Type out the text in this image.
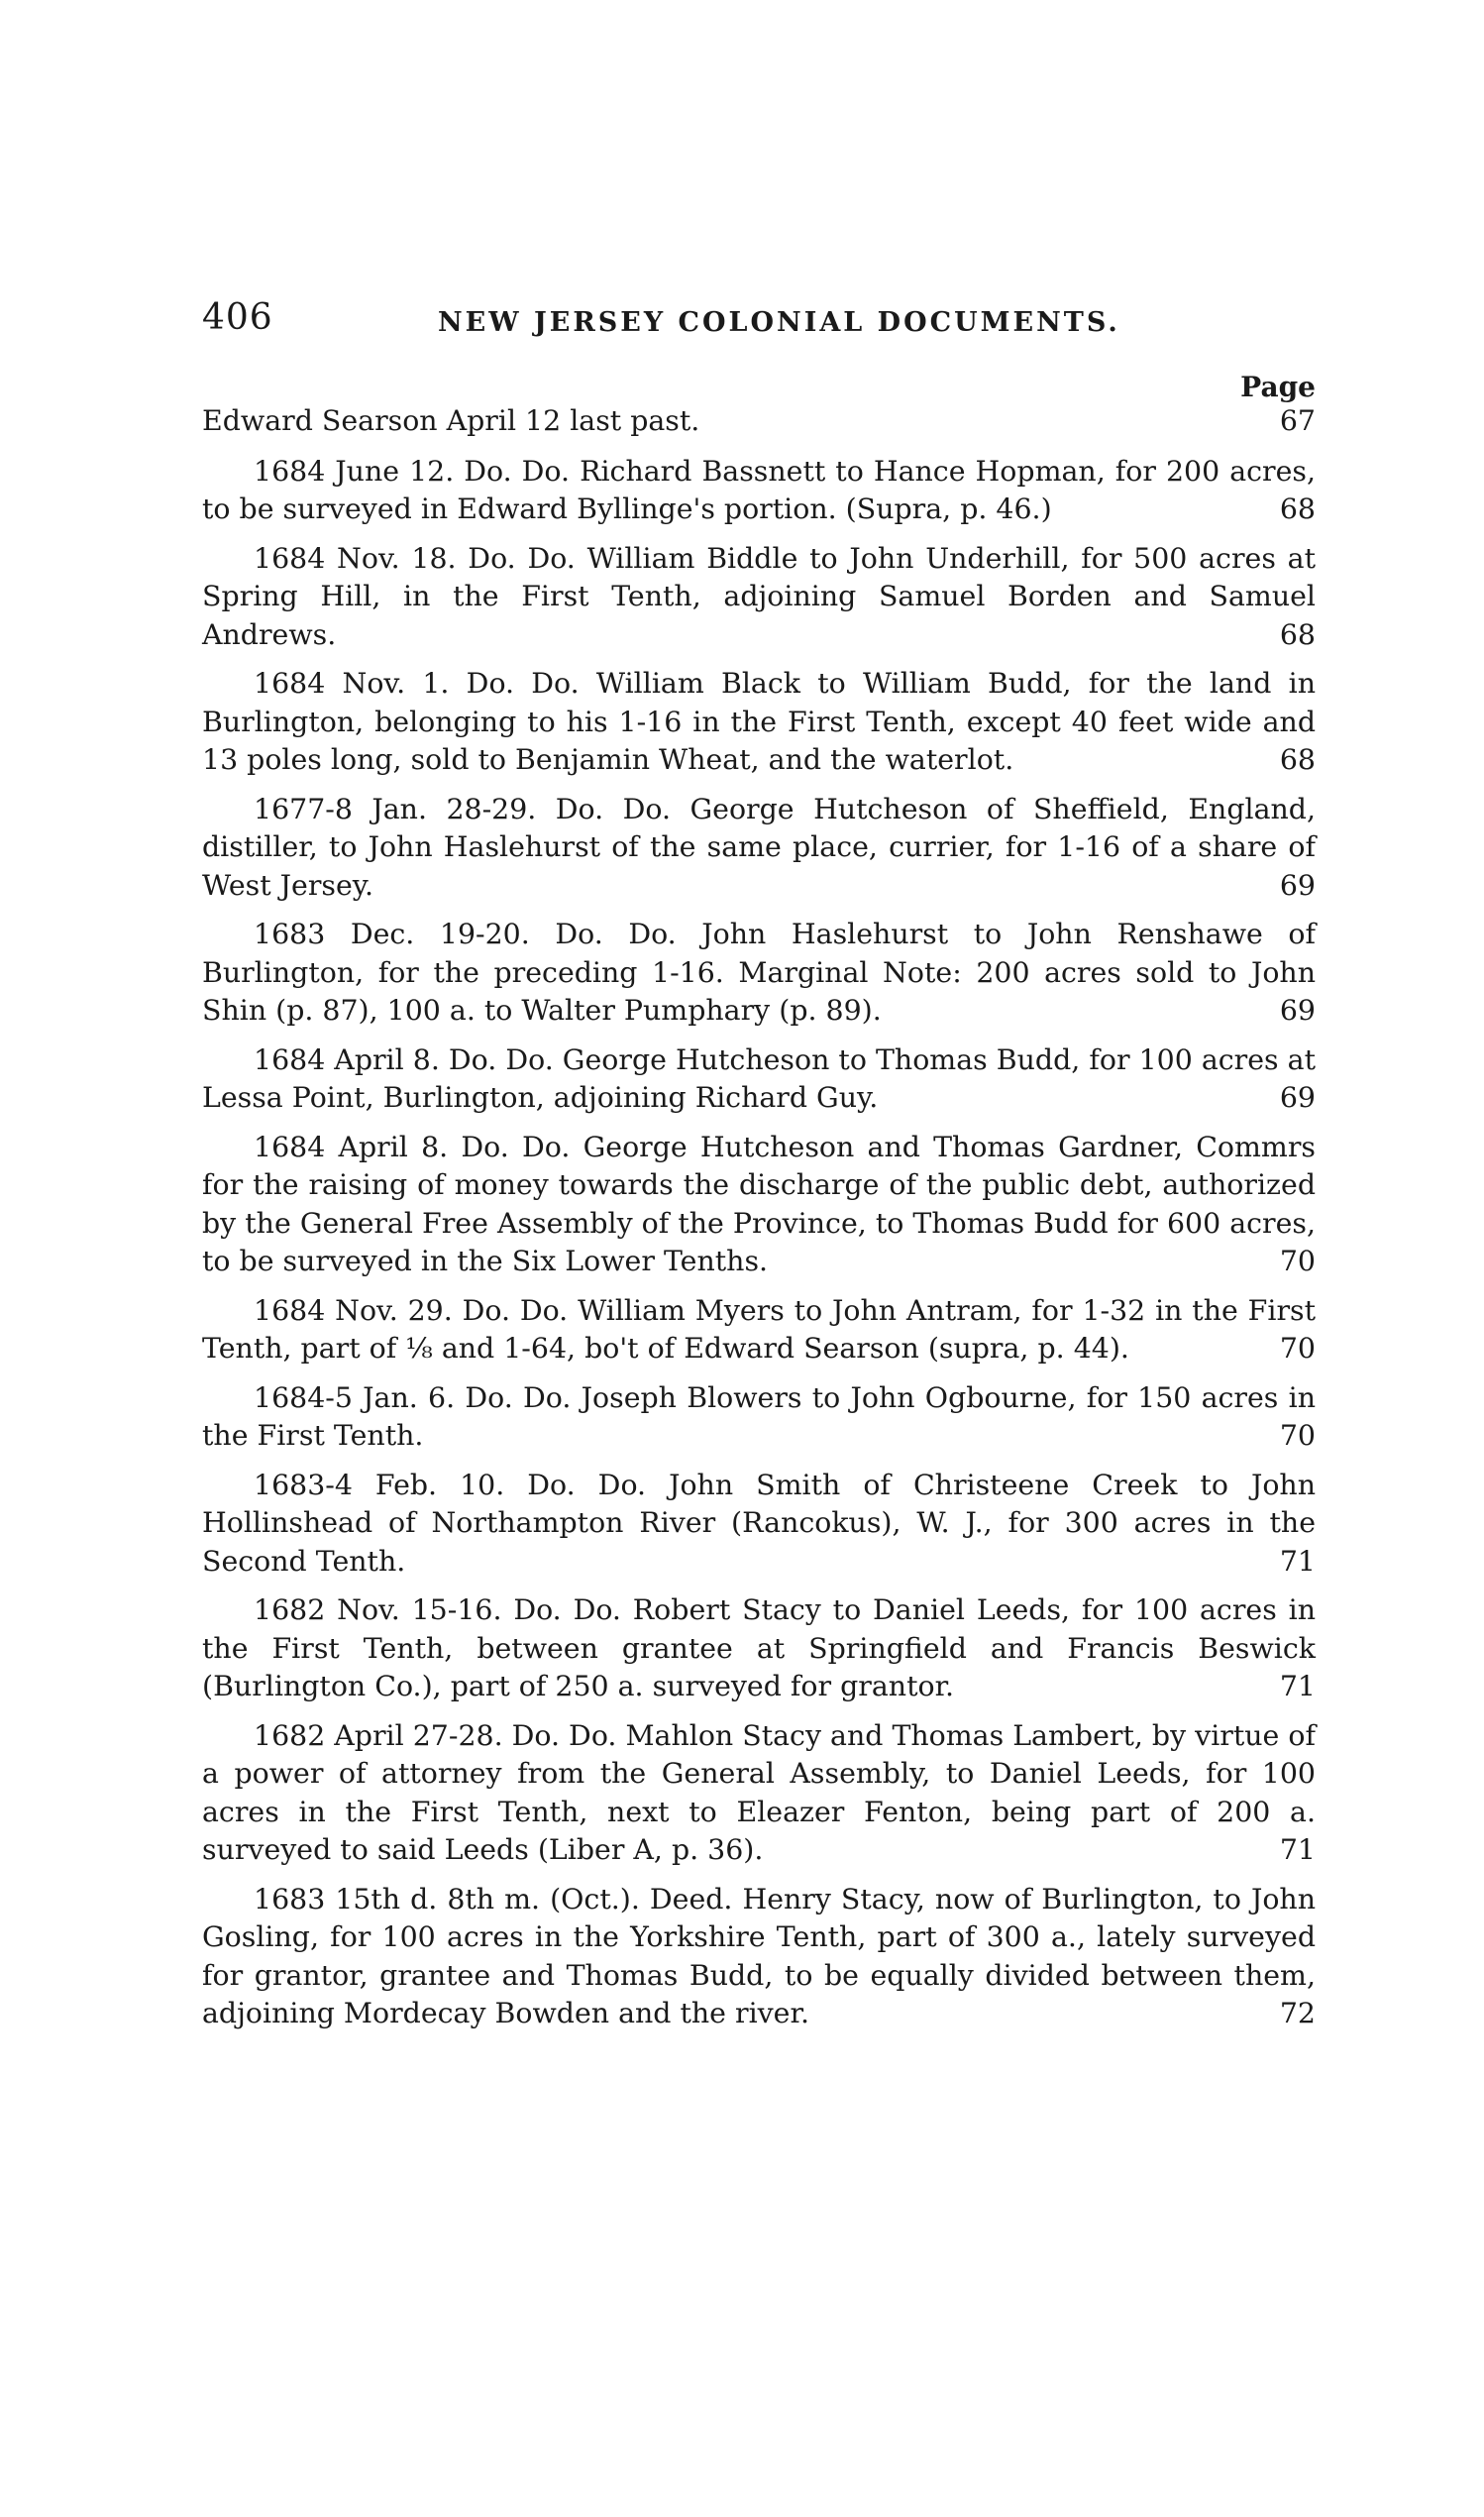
406	NEW JERSEY COLONIAL DOCUMENTS.
Page
Edward Searson April 12 last past.	67
1684 June 12. Do. Do. Richard Bassnett to Hance Hopman, for 200 acres, to be surveyed in Edward Byllinge's portion. (Supra, p. 46.)	68
1684 Nov. 18. Do. Do. William Biddle to John Underhill, for 500 acres at Spring Hill, in the First Tenth, adjoining Samuel Borden and Samuel Andrews.	68
1684 Nov. 1. Do. Do. William Black to William Budd, for the land in Burlington, belonging to his 1-16 in the First Tenth, except 40 feet wide and 13 poles long, sold to Benjamin Wheat, and the waterlot.	68
1677-8 Jan. 28-29. Do. Do. George Hutcheson of Sheffield, England, distiller, to John Haslehurst of the same place, currier, for 1-16 of a share of West Jersey.	69
1683 Dec. 19-20. Do. Do. John Haslehurst to John Renshawe of Burlington, for the preceding 1-16. Marginal Note: 200 acres sold to John Shin (p. 87), 100 a. to Walter Pumphary (p. 89).	69
1684 April 8. Do. Do. George Hutcheson to Thomas Budd, for 100 acres at Lessa Point, Burlington, adjoining Richard Guy.	69
1684 April 8. Do. Do. George Hutcheson and Thomas Gardner, Commrs for the raising of money towards the discharge of the public debt, authorized by the General Free Assembly of the Province, to Thomas Budd for 600 acres, to be surveyed in the Six Lower Tenths.	70
1684 Nov. 29. Do. Do. William Myers to John Antram, for 1-32 in the First Tenth, part of ⅛ and 1-64, bo't of Edward Searson (supra, p. 44).	70
1684-5 Jan. 6. Do. Do. Joseph Blowers to John Ogbourne, for 150 acres in the First Tenth.	70
1683-4 Feb. 10. Do. Do. John Smith of Christeene Creek to John Hollinshead of Northampton River (Rancokus), W. J., for 300 acres in the Second Tenth.	71
1682 Nov. 15-16. Do. Do. Robert Stacy to Daniel Leeds, for 100 acres in the First Tenth, between grantee at Springfield and Francis Beswick (Burlington Co.), part of 250 a. surveyed for grantor.	71
1682 April 27-28. Do. Do. Mahlon Stacy and Thomas Lambert, by virtue of a power of attorney from the General Assembly, to Daniel Leeds, for 100 acres in the First Tenth, next to Eleazer Fenton, being part of 200 a. surveyed to said Leeds (Liber A, p. 36).	71
1683 15th d. 8th m. (Oct.). Deed. Henry Stacy, now of Burlington, to John Gosling, for 100 acres in the Yorkshire Tenth, part of 300 a., lately surveyed for grantor, grantee and Thomas Budd, to be equally divided between them, adjoining Mordecay Bowden and the river.	72
